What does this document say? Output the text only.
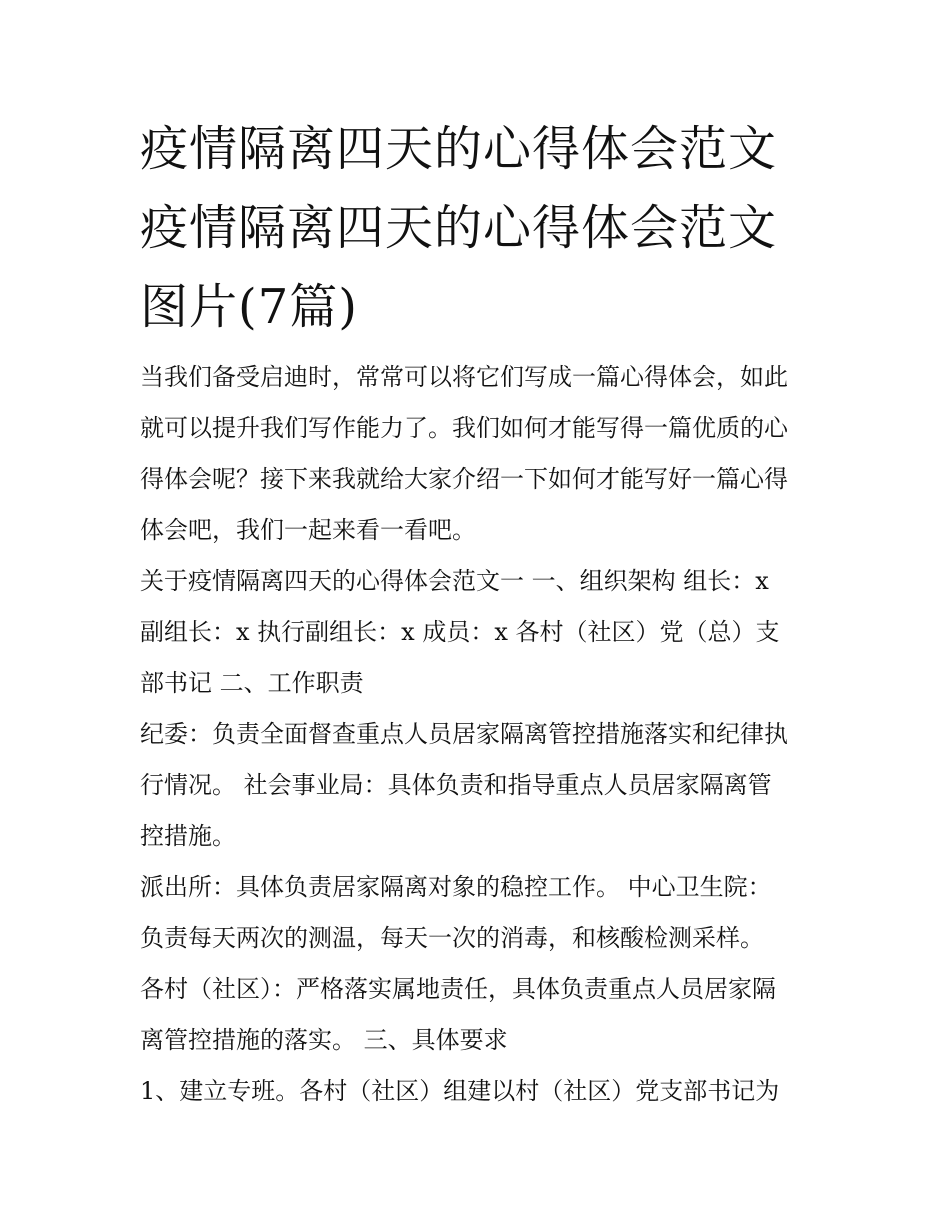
疫情隔离四天的心得体会范文
疫情隔离四天的心得体会范文
图片(7篇)

当我们备受启迪时，常常可以将它们写成一篇心得体会，如此
就可以提升我们写作能力了。我们如何才能写得一篇优质的心
得体会呢？接下来我就给大家介绍一下如何才能写好一篇心得
体会吧，我们一起来看一看吧。

关于疫情隔离四天的心得体会范文一 一、组织架构 组长：x
副组长：x 执行副组长：x 成员：x 各村（社区）党（总）支
部书记 二、工作职责

纪委：负责全面督查重点人员居家隔离管控措施落实和纪律执
行情况。 社会事业局：具体负责和指导重点人员居家隔离管
控措施。

派出所：具体负责居家隔离对象的稳控工作。 中心卫生院：
负责每天两次的测温，每天一次的消毒，和核酸检测采样。
各村（社区）：严格落实属地责任，具体负责重点人员居家隔
离管控措施的落实。 三、具体要求

1、建立专班。各村（社区）组建以村（社区）党支部书记为
